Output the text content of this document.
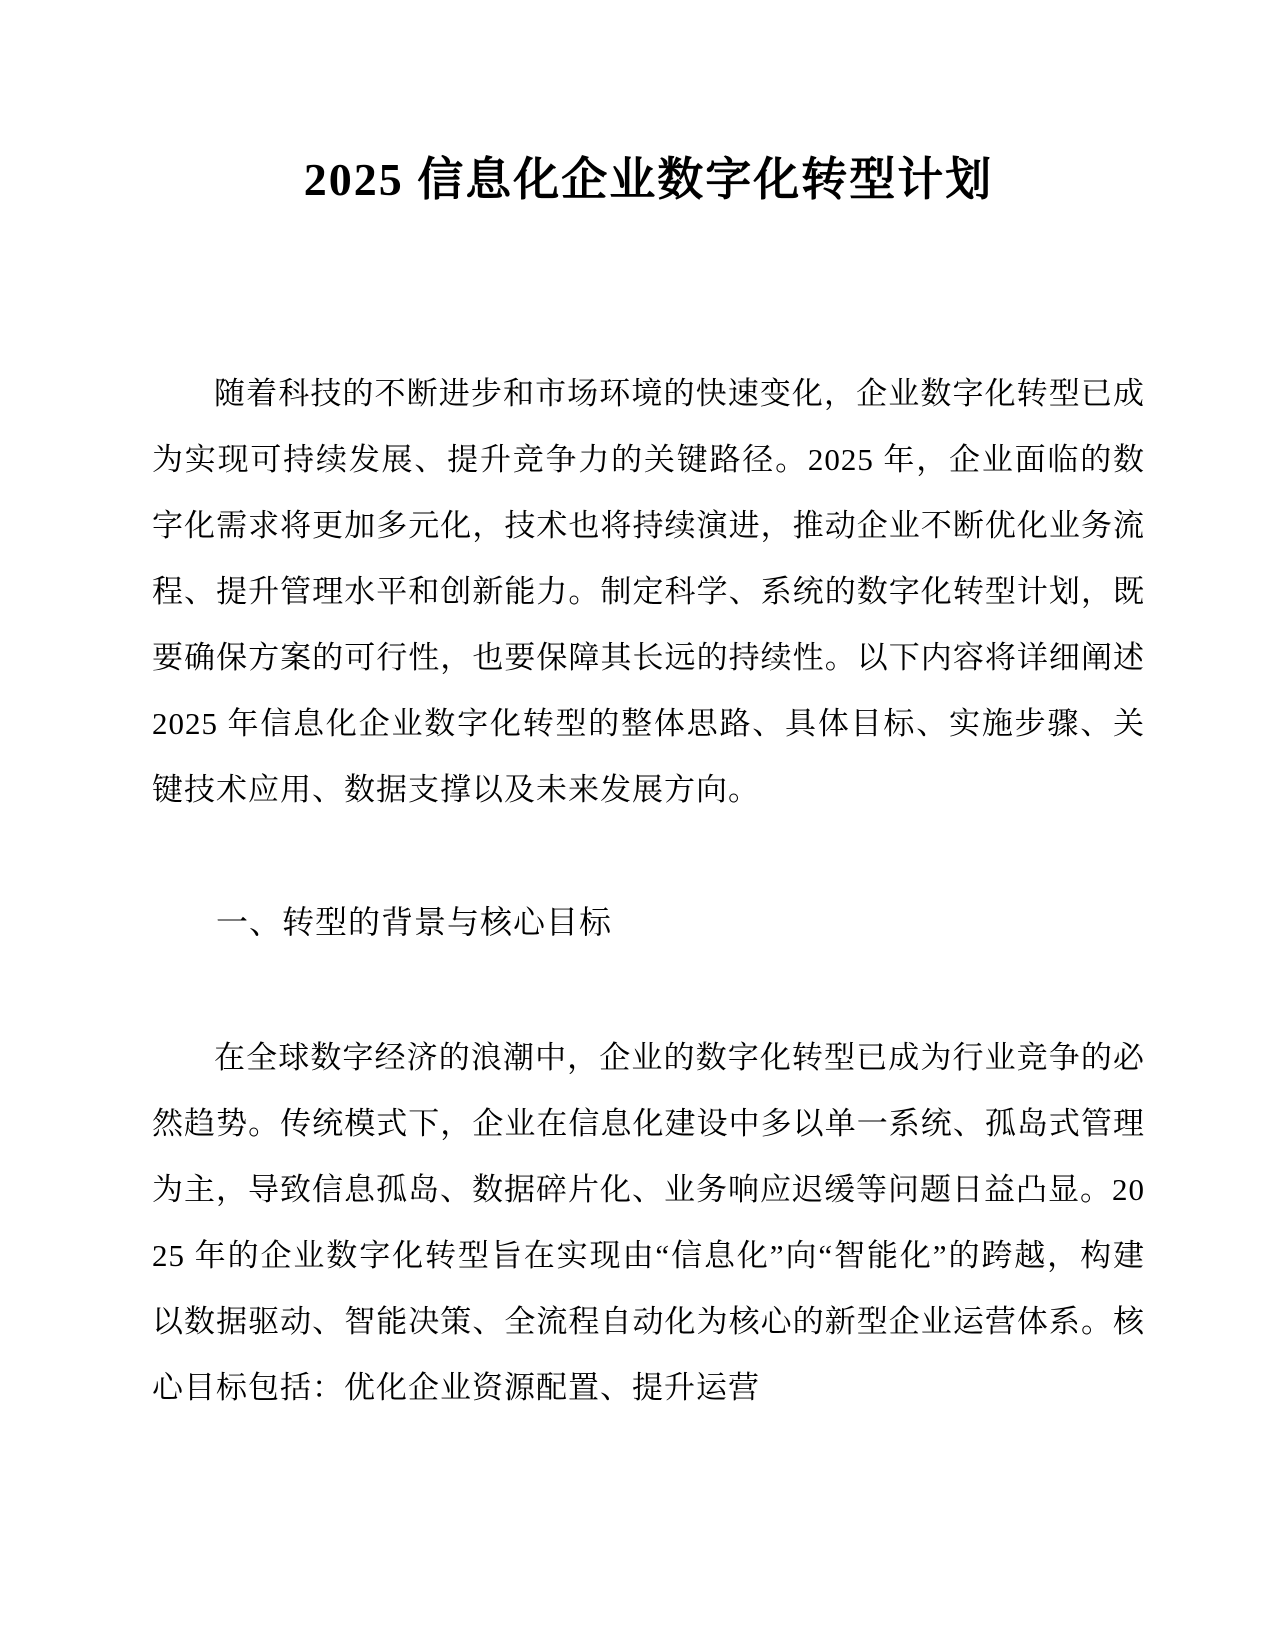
2025 信息化企业数字化转型计划

随着科技的不断进步和市场环境的快速变化，企业数字化转型已成为实现可持续发展、提升竞争力的关键路径。2025 年，企业面临的数字化需求将更加多元化，技术也将持续演进，推动企业不断优化业务流程、提升管理水平和创新能力。制定科学、系统的数字化转型计划，既要确保方案的可行性，也要保障其长远的持续性。以下内容将详细阐述 2025 年信息化企业数字化转型的整体思路、具体目标、实施步骤、关键技术应用、数据支撑以及未来发展方向。

一、转型的背景与核心目标

在全球数字经济的浪潮中，企业的数字化转型已成为行业竞争的必然趋势。传统模式下，企业在信息化建设中多以单一系统、孤岛式管理为主，导致信息孤岛、数据碎片化、业务响应迟缓等问题日益凸显。2025 年的企业数字化转型旨在实现由“信息化”向“智能化”的跨越，构建以数据驱动、智能决策、全流程自动化为核心的新型企业运营体系。核心目标包括：优化企业资源配置、提升运营
